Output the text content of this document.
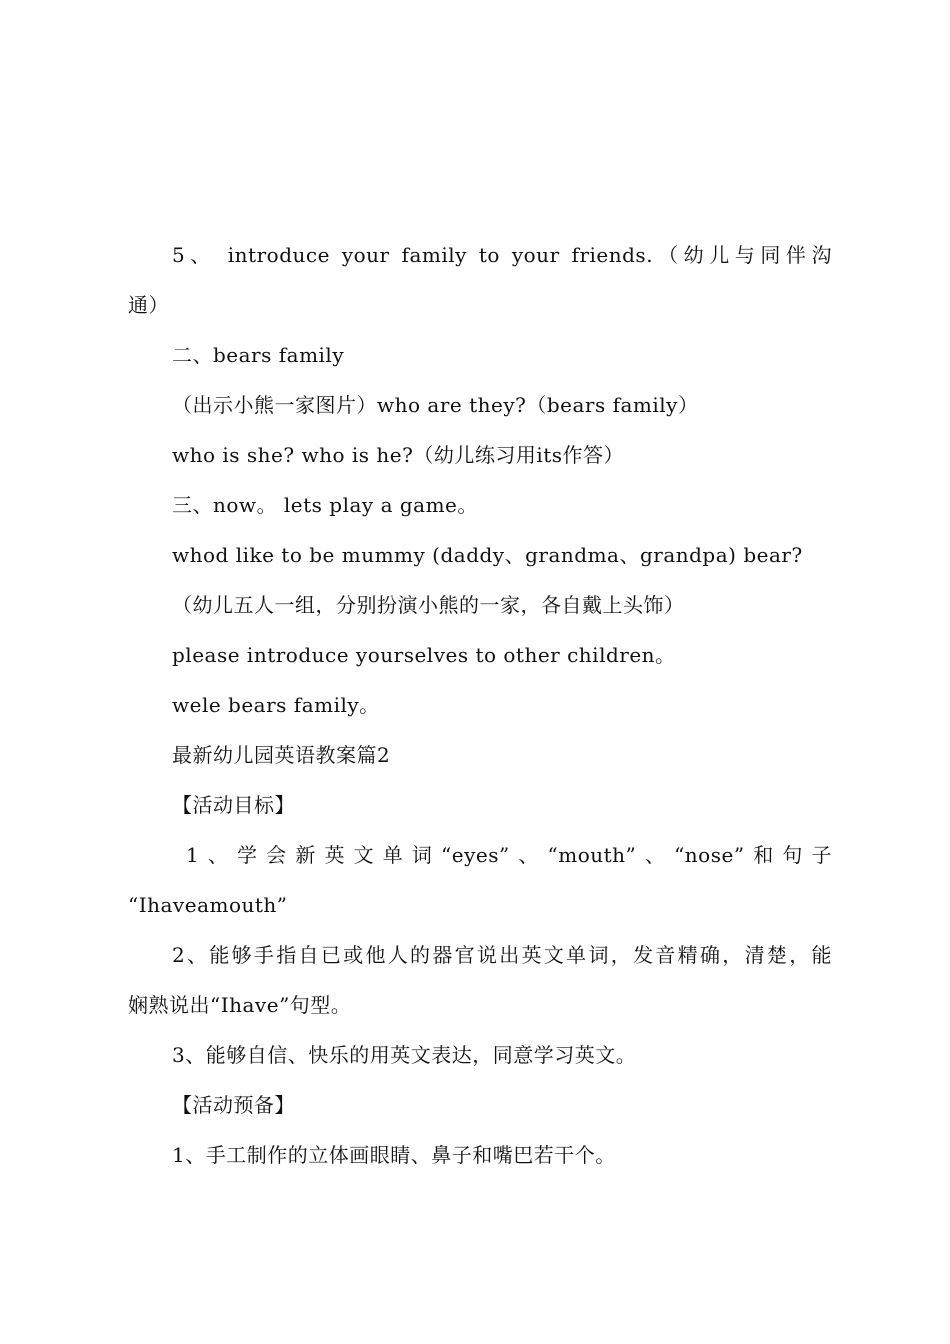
5、 introduce your family to your friends.（幼儿与同伴沟
通）
二、bears family
（出示小熊一家图片）who are they?（bears family）
who is she? who is he?（幼儿练习用its作答）
三、now。 lets play a game。
whod like to be mummy (daddy、grandma、grandpa) bear?
（幼儿五人一组，分别扮演小熊的一家，各自戴上头饰）
please introduce yourselves to other children。
wele bears family。
最新幼儿园英语教案篇2
【活动目标】
1、学会新英文单词“eyes”、“mouth”、“nose”和句子
“Ihaveamouth”
2、能够手指自已或他人的器官说出英文单词，发音精确，清楚，能
娴熟说出“Ihave”句型。
3、能够自信、快乐的用英文表达，同意学习英文。
【活动预备】
1、手工制作的立体画眼睛、鼻子和嘴巴若干个。
